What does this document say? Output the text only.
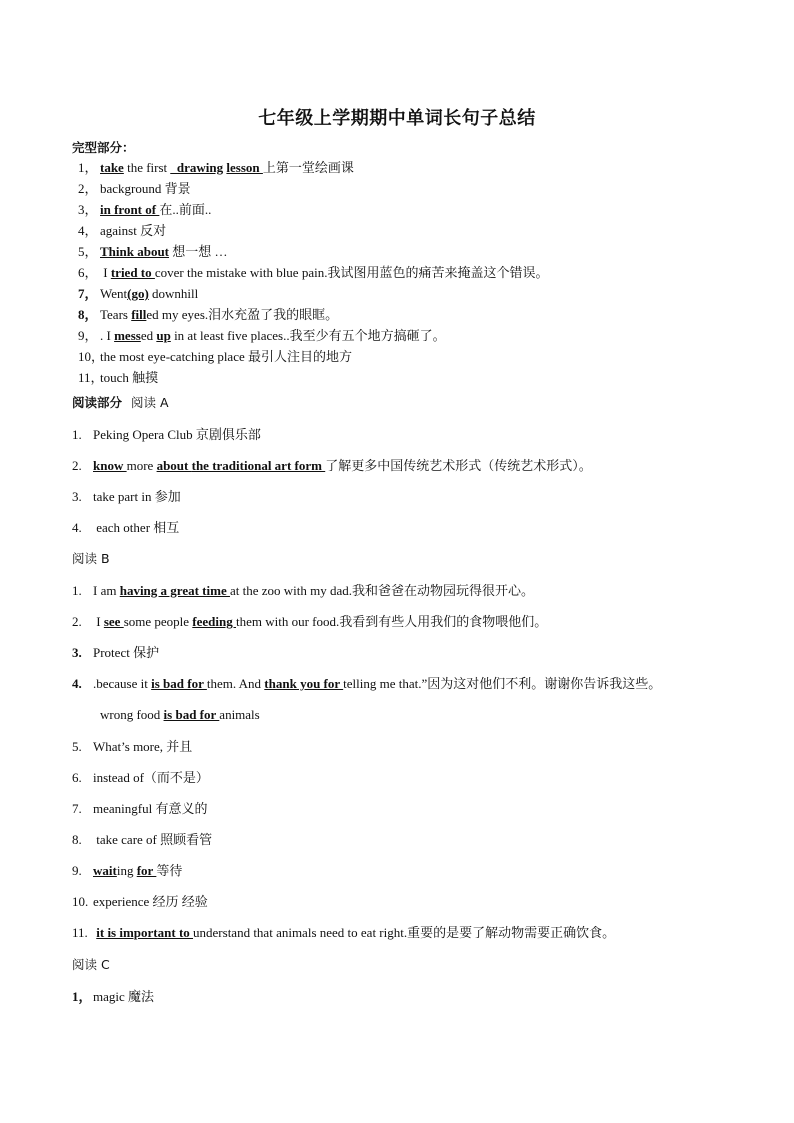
七年级上学期期中单词长句子总结
完型部分：
1， take the first _drawing lesson 上第一堂绘画课
2， background 背景
3， in front of 在..前面..
4， against 反对
5， Think about 想一想 …
6， I tried to cover the mistake with blue pain.我试图用蓝色的痛苦来掩盖这个错误。
7， Went(go) downhill
8， Tears filled my eyes.泪水充盈了我的眼眶。
9， . I messed up in at least five places..我至少有五个地方搞砸了。
10，the most eye-catching place 最引人注目的地方
11，touch 触摸
阅读部分 阅读 A
1. Peking Opera Club 京剧俱乐部
2. know more about the traditional art form 了解更多中国传统艺术形式（传统艺术形式）。
3. take part in 参加
4. each other 相互
阅读 B
1. I am having a great time at the zoo with my dad.我和爸爸在动物园玩得很开心。
2. I see some people feeding them with our food.我看到有些人用我们的食物喂他们。
3. Protect 保护
4. .because it is bad for them. And thank you for telling me that.”因为这对他们不利。谢谢你告诉我这些。
wrong food is bad for animals
5. What’s more, 并且
6. instead of（而不是）
7. meaningful 有意义的
8. take care of 照顾看管
9. waiting for 等待
10. experience 经历 经验
11. it is important to understand that animals need to eat right.重要的是要了解动物需要正确饮食。
阅读 C
1，magic 魔法
